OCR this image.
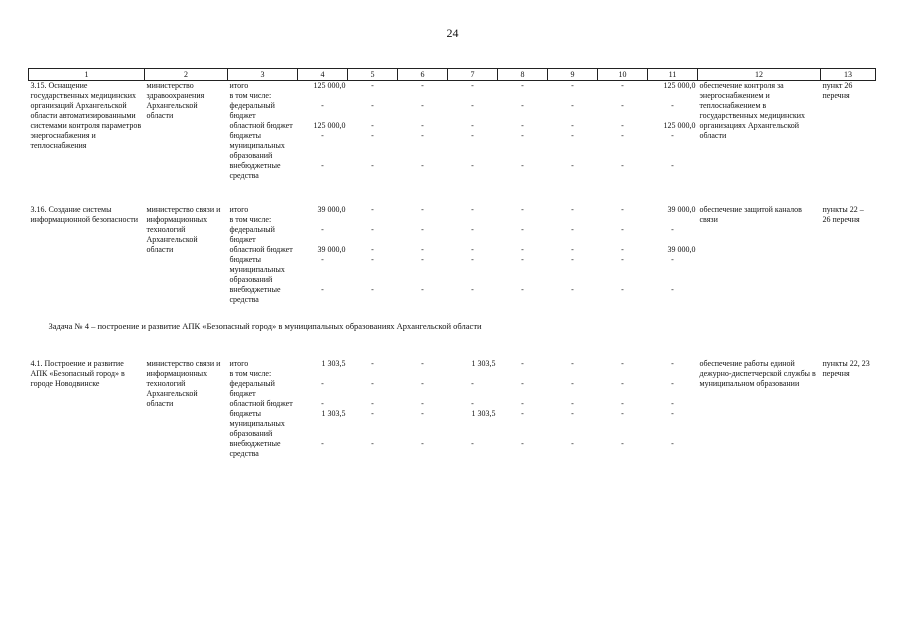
24
1	2	3	4	5	6	7	8	9	10	11	12	13
3.15. Оснащение государственных медицинских организаций Архангельской области автоматизированными системами контроля параметров энергоснабжения и теплоснабжения	министерство здравоохранения Архангельской области	итого	125 000,0	-	-	-	-	-	-	125 000,0	обеспечение контроля за энергоснабжением и теплоснабжением в государственных медицинских организациях Архангельской области	пункт 26 перечня
		в том числе:										
		федеральный бюджет	-	-	-	-	-	-	-	-		
		областной бюджет	125 000,0	-	-	-	-	-	-	125 000,0		
		бюджеты муниципальных образований	-	-	-	-	-	-	-	-		
		внебюджетные средства	-	-	-	-	-	-	-	-		

3.16. Создание системы информационной безопасности	министерство связи и информационных технологий Архангельской области	итого	39 000,0	-	-	-	-	-	-	39 000,0	обеспечение защитой каналов связи	пункты 22 – 26 перечня
		в том числе:										
		федеральный бюджет	-	-	-	-	-	-	-	-		
		областной бюджет	39 000,0	-	-	-	-	-	-	39 000,0		
		бюджеты муниципальных образований	-	-	-	-	-	-	-	-		
		внебюджетные средства	-	-	-	-	-	-	-	-		

Задача № 4 – построение и развитие АПК «Безопасный город» в муниципальных образованиях Архангельской области												

4.1. Построение и развитие АПК «Безопасный город» в городе Новодвинске	министерство связи и информационных технологий Архангельской области	итого	1 303,5	-	-	1 303,5	-	-	-	-	обеспечение работы единой дежурно-диспетчерской службы в муниципальном образовании	пункты 22, 23 перечня
		в том числе:										
		федеральный бюджет	-	-	-	-	-	-	-	-		
		областной бюджет	-	-	-	-	-	-	-	-		
		бюджеты муниципальных образований	1 303,5	-	-	1 303,5	-	-	-	-		
		внебюджетные средства	-	-	-	-	-	-	-	-		
